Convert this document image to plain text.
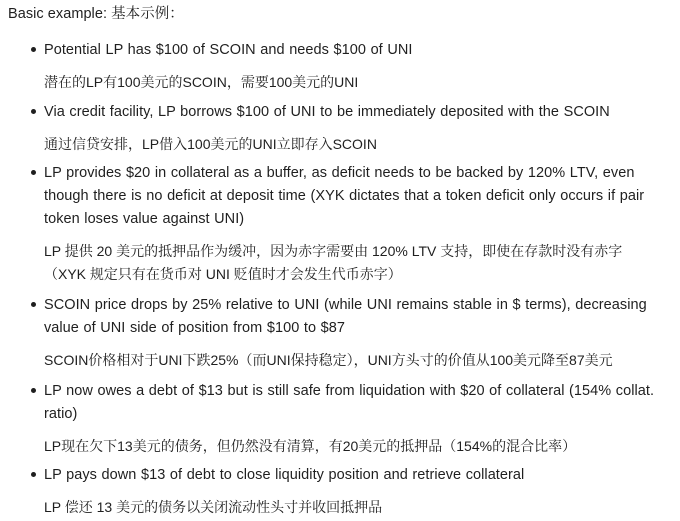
Basic example: 基本示例：

Potential LP has $100 of SCOIN and needs $100 of UNI

潜在的LP有100美元的SCOIN，需要100美元的UNI

Via credit facility, LP borrows $100 of UNI to be immediately deposited with the SCOIN

通过信贷安排，LP借入100美元的UNI立即存入SCOIN

LP provides $20 in collateral as a buffer, as deficit needs to be backed by 120% LTV, even though there is no deficit at deposit time (XYK dictates that a token deficit only occurs if pair token loses value against UNI)

LP 提供 20 美元的抵押品作为缓冲，因为赤字需要由 120% LTV 支持，即使在存款时没有赤字（XYK 规定只有在货币对 UNI 贬值时才会发生代币赤字）

SCOIN price drops by 25% relative to UNI (while UNI remains stable in $ terms), decreasing value of UNI side of position from $100 to $87

SCOIN价格相对于UNI下跌25%（而UNI保持稳定），UNI方头寸的价值从100美元降至87美元

LP now owes a debt of $13 but is still safe from liquidation with $20 of collateral (154% collat. ratio)

LP现在欠下13美元的债务，但仍然没有清算，有20美元的抵押品（154%的混合比率）

LP pays down $13 of debt to close liquidity position and retrieve collateral

LP 偿还 13 美元的债务以关闭流动性头寸并收回抵押品
